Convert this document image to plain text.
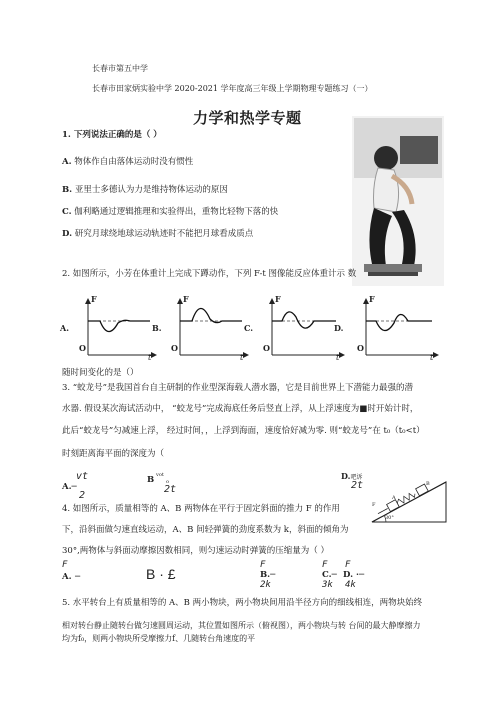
长春市第五中学
长春市田家炳实验中学 2020-2021 学年度高三年级上学期物理专题练习（一）
力学和热学专题
1. 下列说法正确的是（ ）
A. 物体作自由落体运动时没有惯性
B. 亚里士多德认为力是维持物体运动的原因
C. 伽利略通过逻辑推理和实验得出，重物比轻物下落的快
D. 研究月球绕地球运动轨迹时不能把月球看成质点
2. 如图所示，小芳在体重计上完成下蹲动作，下列 F-t 图像能反应体重计示 数
A.	B.	C.	D.
F	F	F	F
O	O	O	O
t	t	t	t
随时间变化的是（）
3. “蛟龙号”是我国首台自主研制的作业型深海载人潜水器，它是目前世界上下潜能力最强的潜
水器. 假设某次海试活动中， “蛟龙号”完成海底任务后竖直上浮，从上浮速度为■时开始计时，
此后“蛟龙号”匀减速上浮， 经过时间，，上浮到海面，速度恰好减为零. 则“蛟龙号”在 t₀（t₀<t）
时刻距离海平面的深度为（
vt
A.─
2
B vot
o
2t
D.吧诉
2t
4. 如图所示，质量相等的 A、B 两物体在平行于固定斜面的推力 F 的作用
下，沿斜面做匀速直线运动，A、B 间轻弹簧的劲度系数为 k，斜面的倾角为
30°,两物体与斜面动摩擦因数相同，则匀速运动时弹簧的压缩量为（ ）
F
A
B
30°
F
A. ─	B · £
F
B.─
2k
F
C.─
3k
F
D. ·─
4k
5. 水平转台上有质量相等的 A、B 两小物块，两小物块间用沿半径方向的细线相连，两物块始终
相对转台静止随转台做匀速圆周运动，其位置如图所示（俯视图），两小物块与转 台间的最大静摩擦力
均为f₀，则两小物块所受摩擦力f、几随转台角速度的平
